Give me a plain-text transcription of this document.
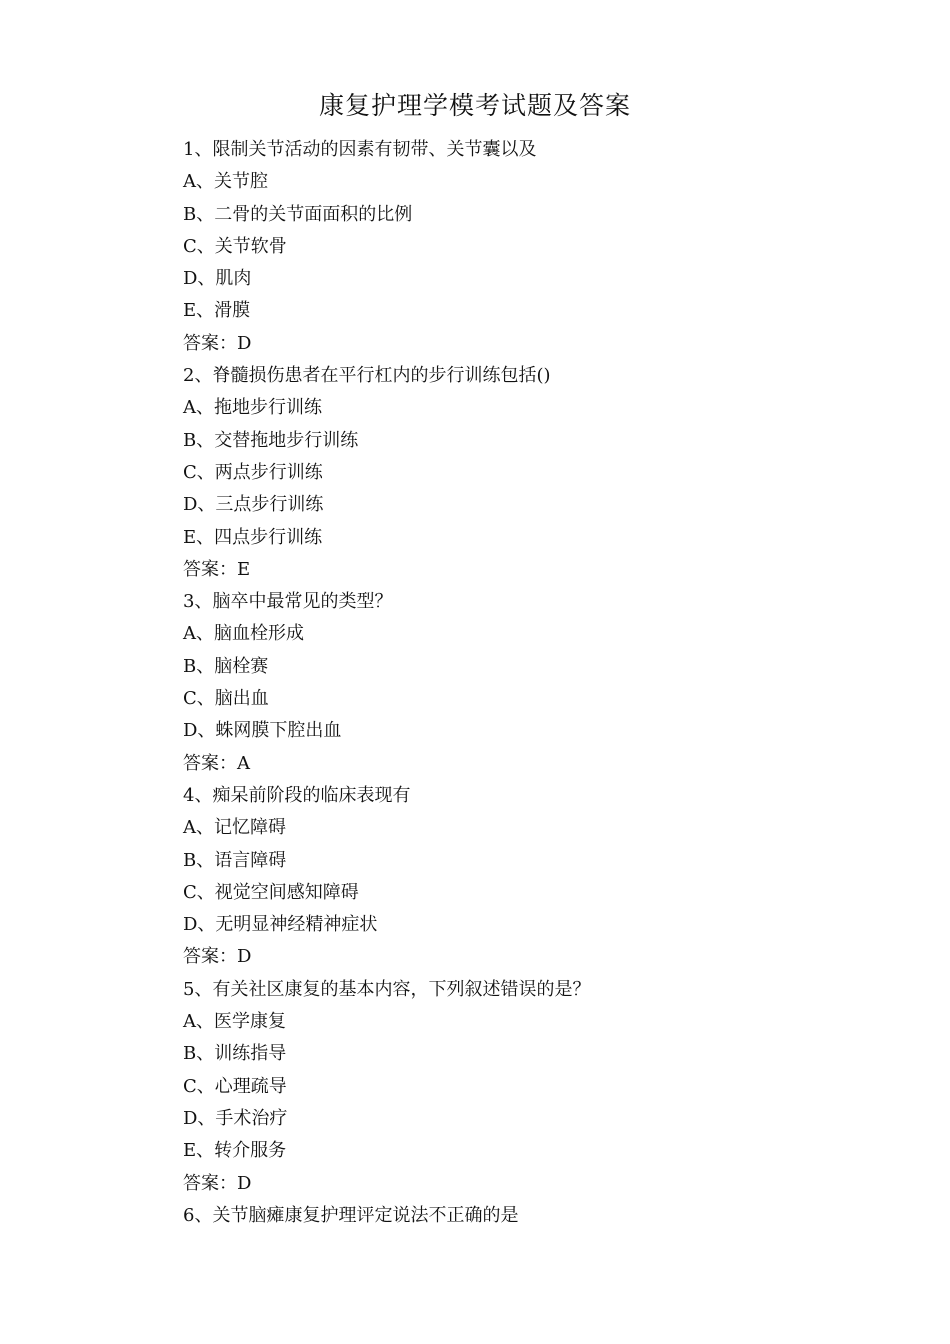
康复护理学模考试题及答案
1、限制关节活动的因素有韧带、关节囊以及
A、关节腔
B、二骨的关节面面积的比例
C、关节软骨
D、肌肉
E、滑膜
答案：D
2、脊髓损伤患者在平行杠内的步行训练包括()
A、拖地步行训练
B、交替拖地步行训练
C、两点步行训练
D、三点步行训练
E、四点步行训练
答案：E
3、脑卒中最常见的类型？
A、脑血栓形成
B、脑栓赛
C、脑出血
D、蛛网膜下腔出血
答案：A
4、痴呆前阶段的临床表现有
A、记忆障碍
B、语言障碍
C、视觉空间感知障碍
D、无明显神经精神症状
答案：D
5、有关社区康复的基本内容，下列叙述错误的是？
A、医学康复
B、训练指导
C、心理疏导
D、手术治疗
E、转介服务
答案：D
6、关节脑瘫康复护理评定说法不正确的是
